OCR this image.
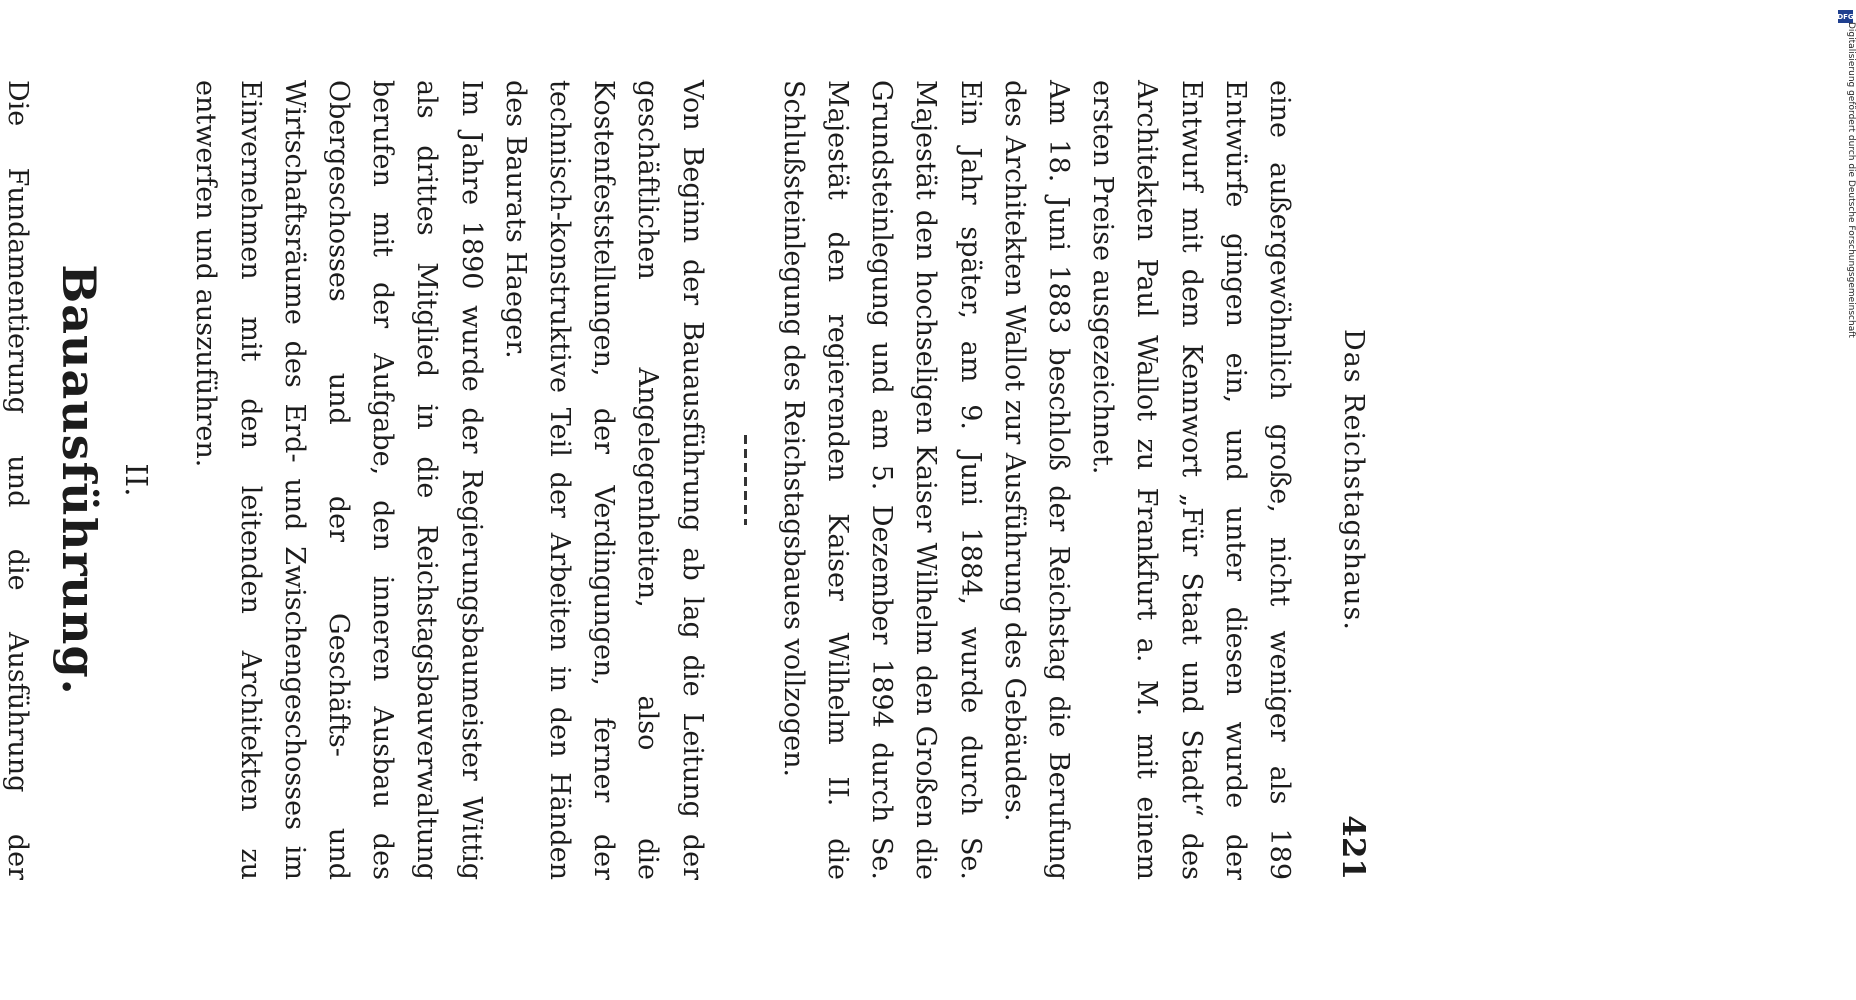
Das Reichstagshaus.
421

eine außergewöhnlich große, nicht weniger als 189 Entwürfe gingen ein, und unter diesen wurde der Entwurf mit dem Kennwort „Für Staat und Stadt“ des Architekten Paul Wallot zu Frankfurt a. M. mit einem ersten Preise ausgezeichnet.

Am 18. Juni 1883 beschloß der Reichstag die Berufung des Architekten Wallot zur Ausführung des Gebäudes.

Ein Jahr später, am 9. Juni 1884, wurde durch Se. Majestät den hochseligen Kaiser Wilhelm den Großen die Grundsteinlegung und am 5. Dezember 1894 durch Se. Majestät den regierenden Kaiser Wilhelm II. die Schlußsteinlegung des Reichstagsbaues vollzogen.

Von Beginn der Bauausführung ab lag die Leitung der geschäftlichen Angelegenheiten, also die Kostenfeststellungen, der Verdingungen, ferner der technisch-konstruktive Teil der Arbeiten in den Händen des Baurats Haeger.

Im Jahre 1890 wurde der Regierungsbaumeister Wittig als drittes Mitglied in die Reichstagsbauverwaltung berufen mit der Aufgabe, den inneren Ausbau des Obergeschosses und der Geschäfts- und Wirtschaftsräume des Erd- und Zwischengeschosses im Einvernehmen mit den leitenden Architekten zu entwerfen und auszuführen.

II.

Bauausführung.

Die Fundamentierung und die Ausführung der

DFG
Digitalisierung gefördert durch die Deutsche Forschungsgemeinschaft
